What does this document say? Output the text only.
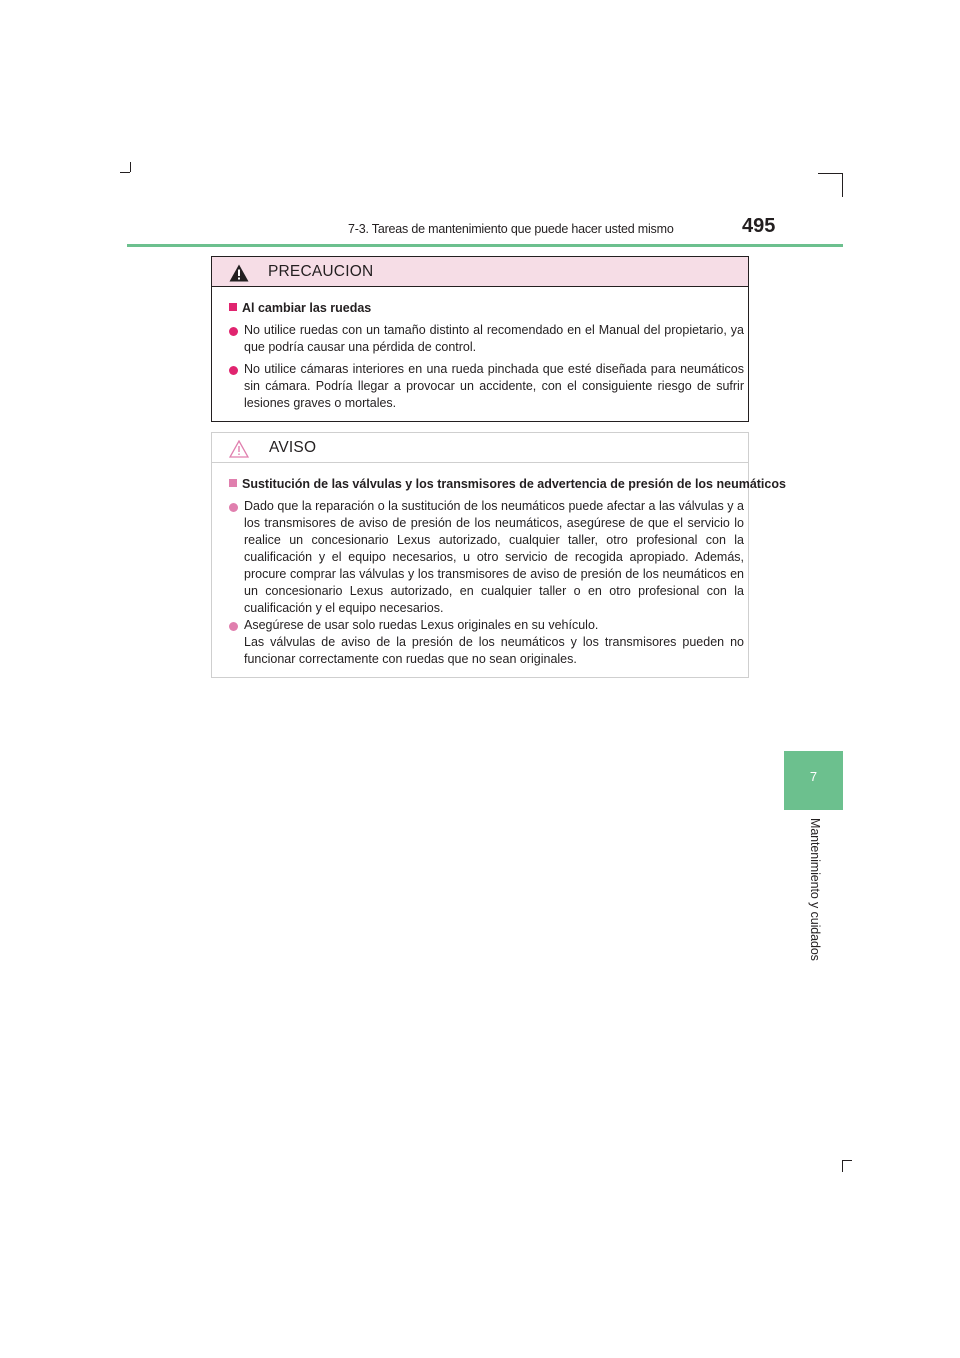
7-3. Tareas de mantenimiento que puede hacer usted mismo	495
7
Mantenimiento y cuidados
PRECAUCION
Al cambiar las ruedas
No utilice ruedas con un tamaño distinto al recomendado en el Manual del propietario, ya que podría causar una pérdida de control.
No utilice cámaras interiores en una rueda pinchada que esté diseñada para neumáticos sin cámara. Podría llegar a provocar un accidente, con el consiguiente riesgo de sufrir lesiones graves o mortales.
AVISO
Sustitución de las válvulas y los transmisores de advertencia de presión de los neumáticos
Dado que la reparación o la sustitución de los neumáticos puede afectar a las válvulas y a los transmisores de aviso de presión de los neumáticos, asegúrese de que el servicio lo realice un concesionario Lexus autorizado, cualquier taller, otro profesional con la cualificación y el equipo necesarios, u otro servicio de recogida apropiado. Además, procure comprar las válvulas y los transmisores de aviso de presión de los neumáticos en un concesionario Lexus autorizado, en cualquier taller o en otro profesional con la cualificación y el equipo necesarios.

Asegúrese de usar solo ruedas Lexus originales en su vehículo.

Las válvulas de aviso de la presión de los neumáticos y los transmisores pueden no funcionar correctamente con ruedas que no sean originales.
